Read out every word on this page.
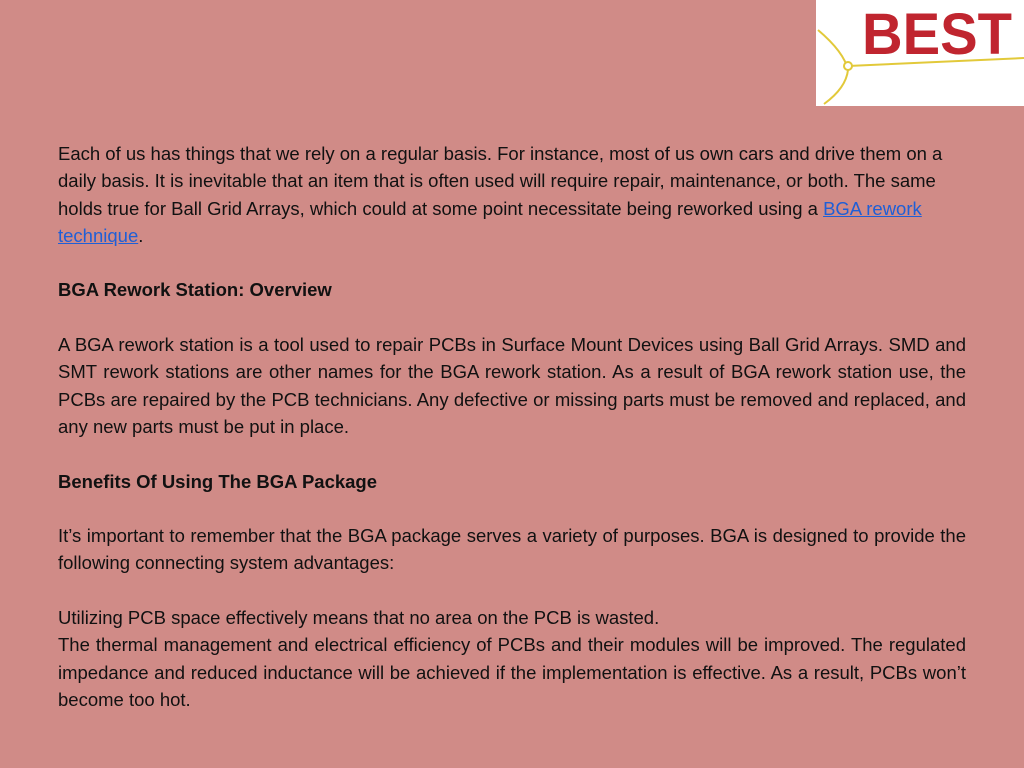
BEST

Each of us has things that we rely on a regular basis. For instance, most of us own cars and drive them on a daily basis. It is inevitable that an item that is often used will require repair, maintenance, or both. The same holds true for Ball Grid Arrays, which could at some point necessitate being reworked using a BGA rework technique.

BGA Rework Station: Overview

A BGA rework station is a tool used to repair PCBs in Surface Mount Devices using Ball Grid Arrays. SMD and SMT rework stations are other names for the BGA rework station. As a result of BGA rework station use, the PCBs are repaired by the PCB technicians. Any defective or missing parts must be removed and replaced, and any new parts must be put in place.

Benefits Of Using The BGA Package

It’s important to remember that the BGA package serves a variety of purposes. BGA is designed to provide the following connecting system advantages:

Utilizing PCB space effectively means that no area on the PCB is wasted.

The thermal management and electrical efficiency of PCBs and their modules will be improved. The regulated impedance and reduced inductance will be achieved if the implementation is effective. As a result, PCBs won’t become too hot.
